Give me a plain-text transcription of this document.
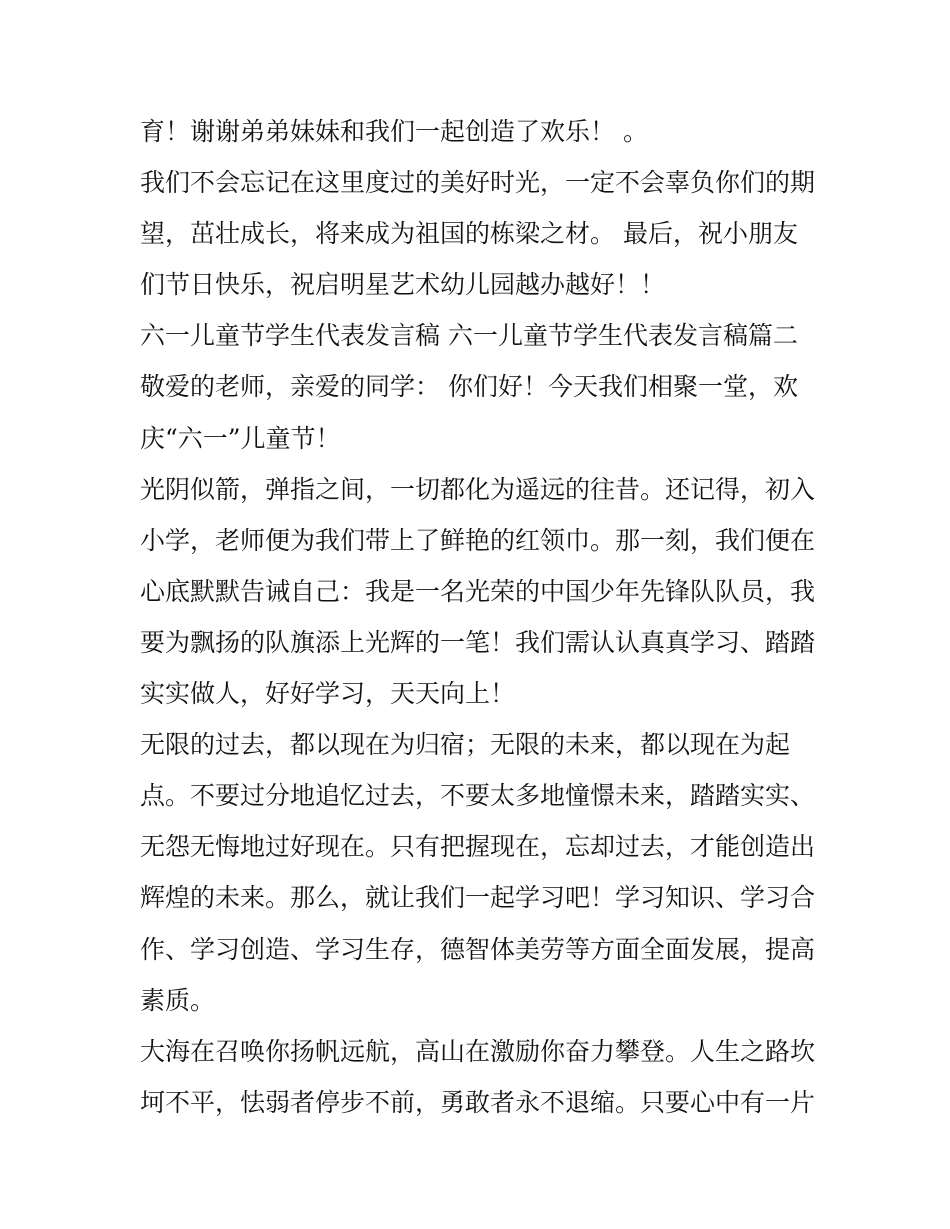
育！谢谢弟弟妹妹和我们一起创造了欢乐！ 。
我们不会忘记在这里度过的美好时光，一定不会辜负你们的期
望，茁壮成长，将来成为祖国的栋梁之材。 最后，祝小朋友
们节日快乐，祝启明星艺术幼儿园越办越好！！
六一儿童节学生代表发言稿 六一儿童节学生代表发言稿篇二
敬爱的老师，亲爱的同学： 你们好！今天我们相聚一堂，欢
庆“六一”儿童节！
光阴似箭，弹指之间，一切都化为遥远的往昔。还记得，初入
小学，老师便为我们带上了鲜艳的红领巾。那一刻，我们便在
心底默默告诫自己：我是一名光荣的中国少年先锋队队员，我
要为飘扬的队旗添上光辉的一笔！我们需认认真真学习、踏踏
实实做人，好好学习，天天向上！
无限的过去，都以现在为归宿；无限的未来，都以现在为起
点。不要过分地追忆过去，不要太多地憧憬未来，踏踏实实、
无怨无悔地过好现在。只有把握现在，忘却过去，才能创造出
辉煌的未来。那么，就让我们一起学习吧！学习知识、学习合
作、学习创造、学习生存，德智体美劳等方面全面发展，提高
素质。
大海在召唤你扬帆远航，高山在激励你奋力攀登。人生之路坎
坷不平，怯弱者停步不前，勇敢者永不退缩。只要心中有一片
